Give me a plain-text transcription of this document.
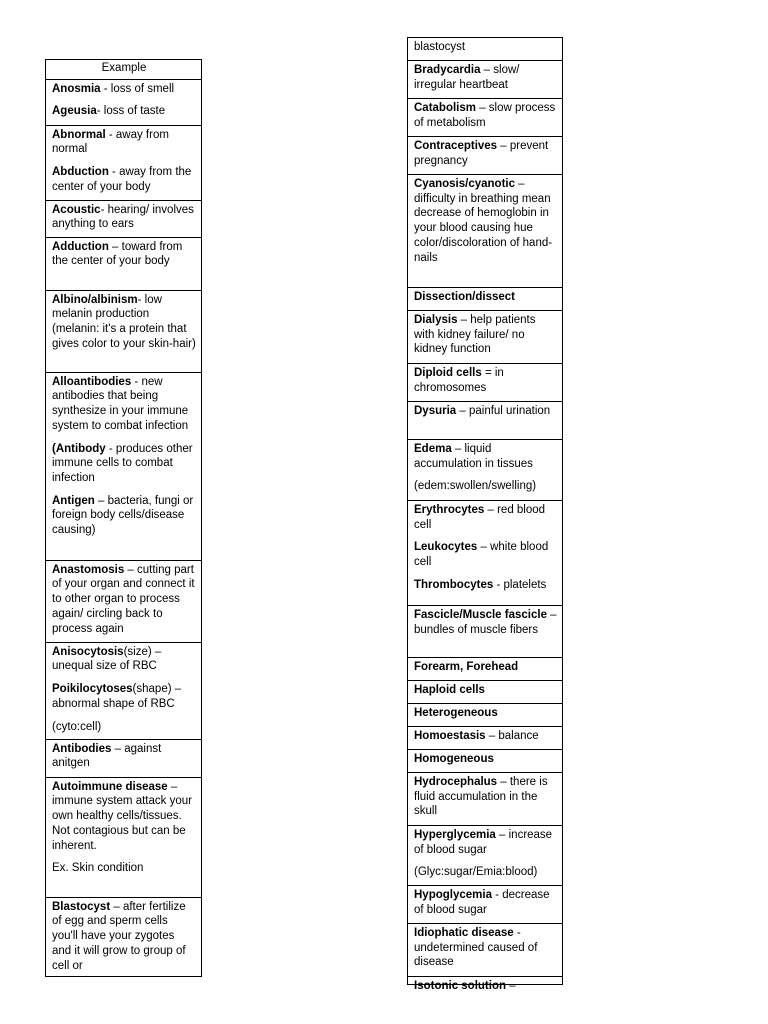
Example

Anosmia - loss of smell

Ageusia- loss of taste

Abnormal - away from normal

Abduction - away from the center of your body

Acoustic- hearing/ involves anything to ears

Adduction – toward from the center of your body

Albino/albinism- low melanin production (melanin: it's a protein that gives color to your skin-hair)

Alloantibodies - new antibodies that being synthesize in your immune system to combat infection

(Antibody - produces other immune cells to combat infection

Antigen – bacteria, fungi or foreign body cells/disease causing)

Anastomosis – cutting part of your organ and connect it to other organ to process again/ circling back to process again

Anisocytosis(size) – unequal size of RBC

Poikilocytoses(shape) – abnormal shape of RBC

(cyto:cell)

Antibodies – against anitgen

Autoimmune disease – immune system attack your own healthy cells/tissues. Not contagious but can be inherent.

Ex. Skin condition

Blastocyst – after fertilize of egg and sperm cells you'll have your zygotes and it will grow to group of cell or

blastocyst

Bradycardia – slow/ irregular heartbeat

Catabolism – slow process of metabolism

Contraceptives – prevent pregnancy

Cyanosis/cyanotic – difficulty in breathing mean decrease of hemoglobin in your blood causing hue color/discoloration of hand-nails

Dissection/dissect

Dialysis – help patients with kidney failure/ no kidney function

Diploid cells = in chromosomes

Dysuria – painful urination

Edema – liquid accumulation in tissues

(edem:swollen/swelling)

Erythrocytes – red blood cell

Leukocytes – white blood cell

Thrombocytes - platelets

Fascicle/Muscle fascicle – bundles of muscle fibers

Forearm, Forehead

Haploid cells

Heterogeneous

Homoestasis – balance

Homogeneous

Hydrocephalus – there is fluid accumulation in the skull

Hyperglycemia – increase of blood sugar

(Glyc:sugar/Emia:blood)

Hypoglycemia - decrease of blood sugar

Idiophatic disease - undetermined caused of disease

Isotonic solution –
